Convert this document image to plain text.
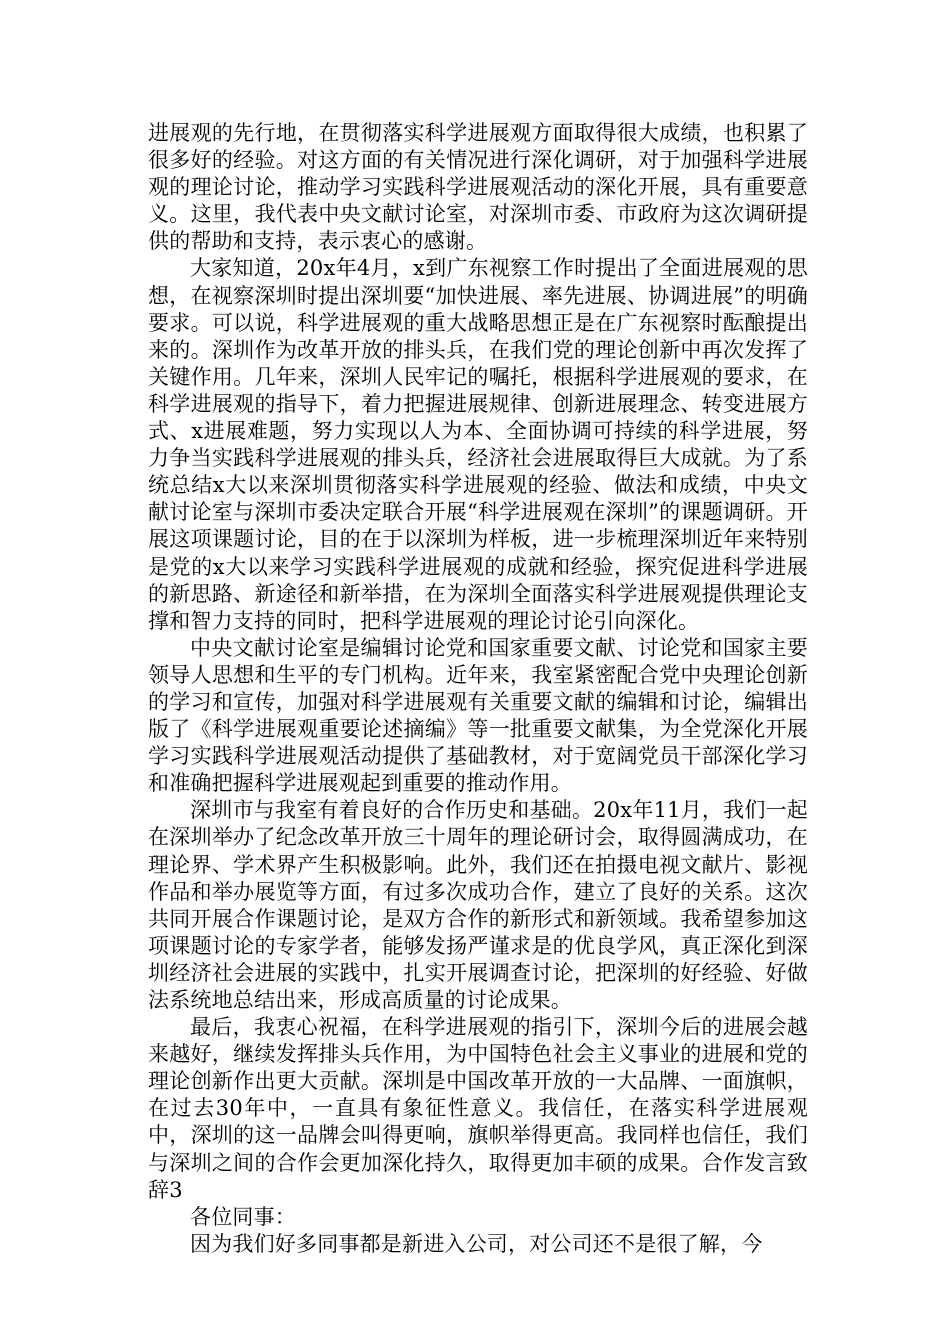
进展观的先行地，在贯彻落实科学进展观方面取得很大成绩，也积累了很多好的经验。对这方面的有关情况进行深化调研，对于加强科学进展观的理论讨论，推动学习实践科学进展观活动的深化开展，具有重要意义。这里，我代表中央文献讨论室，对深圳市委、市政府为这次调研提供的帮助和支持，表示衷心的感谢。

大家知道，20x年4月，x到广东视察工作时提出了全面进展观的思想，在视察深圳时提出深圳要“加快进展、率先进展、协调进展”的明确要求。可以说，科学进展观的重大战略思想正是在广东视察时酝酿提出来的。深圳作为改革开放的排头兵，在我们党的理论创新中再次发挥了关键作用。几年来，深圳人民牢记的嘱托，根据科学进展观的要求，在科学进展观的指导下，着力把握进展规律、创新进展理念、转变进展方式、x进展难题，努力实现以人为本、全面协调可持续的科学进展，努力争当实践科学进展观的排头兵，经济社会进展取得巨大成就。为了系统总结x大以来深圳贯彻落实科学进展观的经验、做法和成绩，中央文献讨论室与深圳市委决定联合开展“科学进展观在深圳”的课题调研。开展这项课题讨论，目的在于以深圳为样板，进一步梳理深圳近年来特别是党的x大以来学习实践科学进展观的成就和经验，探究促进科学进展的新思路、新途径和新举措，在为深圳全面落实科学进展观提供理论支撑和智力支持的同时，把科学进展观的理论讨论引向深化。

中央文献讨论室是编辑讨论党和国家重要文献、讨论党和国家主要领导人思想和生平的专门机构。近年来，我室紧密配合党中央理论创新的学习和宣传，加强对科学进展观有关重要文献的编辑和讨论，编辑出版了《科学进展观重要论述摘编》等一批重要文献集，为全党深化开展学习实践科学进展观活动提供了基础教材，对于宽阔党员干部深化学习和准确把握科学进展观起到重要的推动作用。

深圳市与我室有着良好的合作历史和基础。20x年11月，我们一起在深圳举办了纪念改革开放三十周年的理论研讨会，取得圆满成功，在理论界、学术界产生积极影响。此外，我们还在拍摄电视文献片、影视作品和举办展览等方面，有过多次成功合作，建立了良好的关系。这次共同开展合作课题讨论，是双方合作的新形式和新领域。我希望参加这项课题讨论的专家学者，能够发扬严谨求是的优良学风，真正深化到深圳经济社会进展的实践中，扎实开展调查讨论，把深圳的好经验、好做法系统地总结出来，形成高质量的讨论成果。

最后，我衷心祝福，在科学进展观的指引下，深圳今后的进展会越来越好，继续发挥排头兵作用，为中国特色社会主义事业的进展和党的理论创新作出更大贡献。深圳是中国改革开放的一大品牌、一面旗帜，在过去30年中，一直具有象征性意义。我信任，在落实科学进展观中，深圳的这一品牌会叫得更响，旗帜举得更高。我同样也信任，我们与深圳之间的合作会更加深化持久，取得更加丰硕的成果。合作发言致辞3

各位同事：

因为我们好多同事都是新进入公司，对公司还不是很了解，今
